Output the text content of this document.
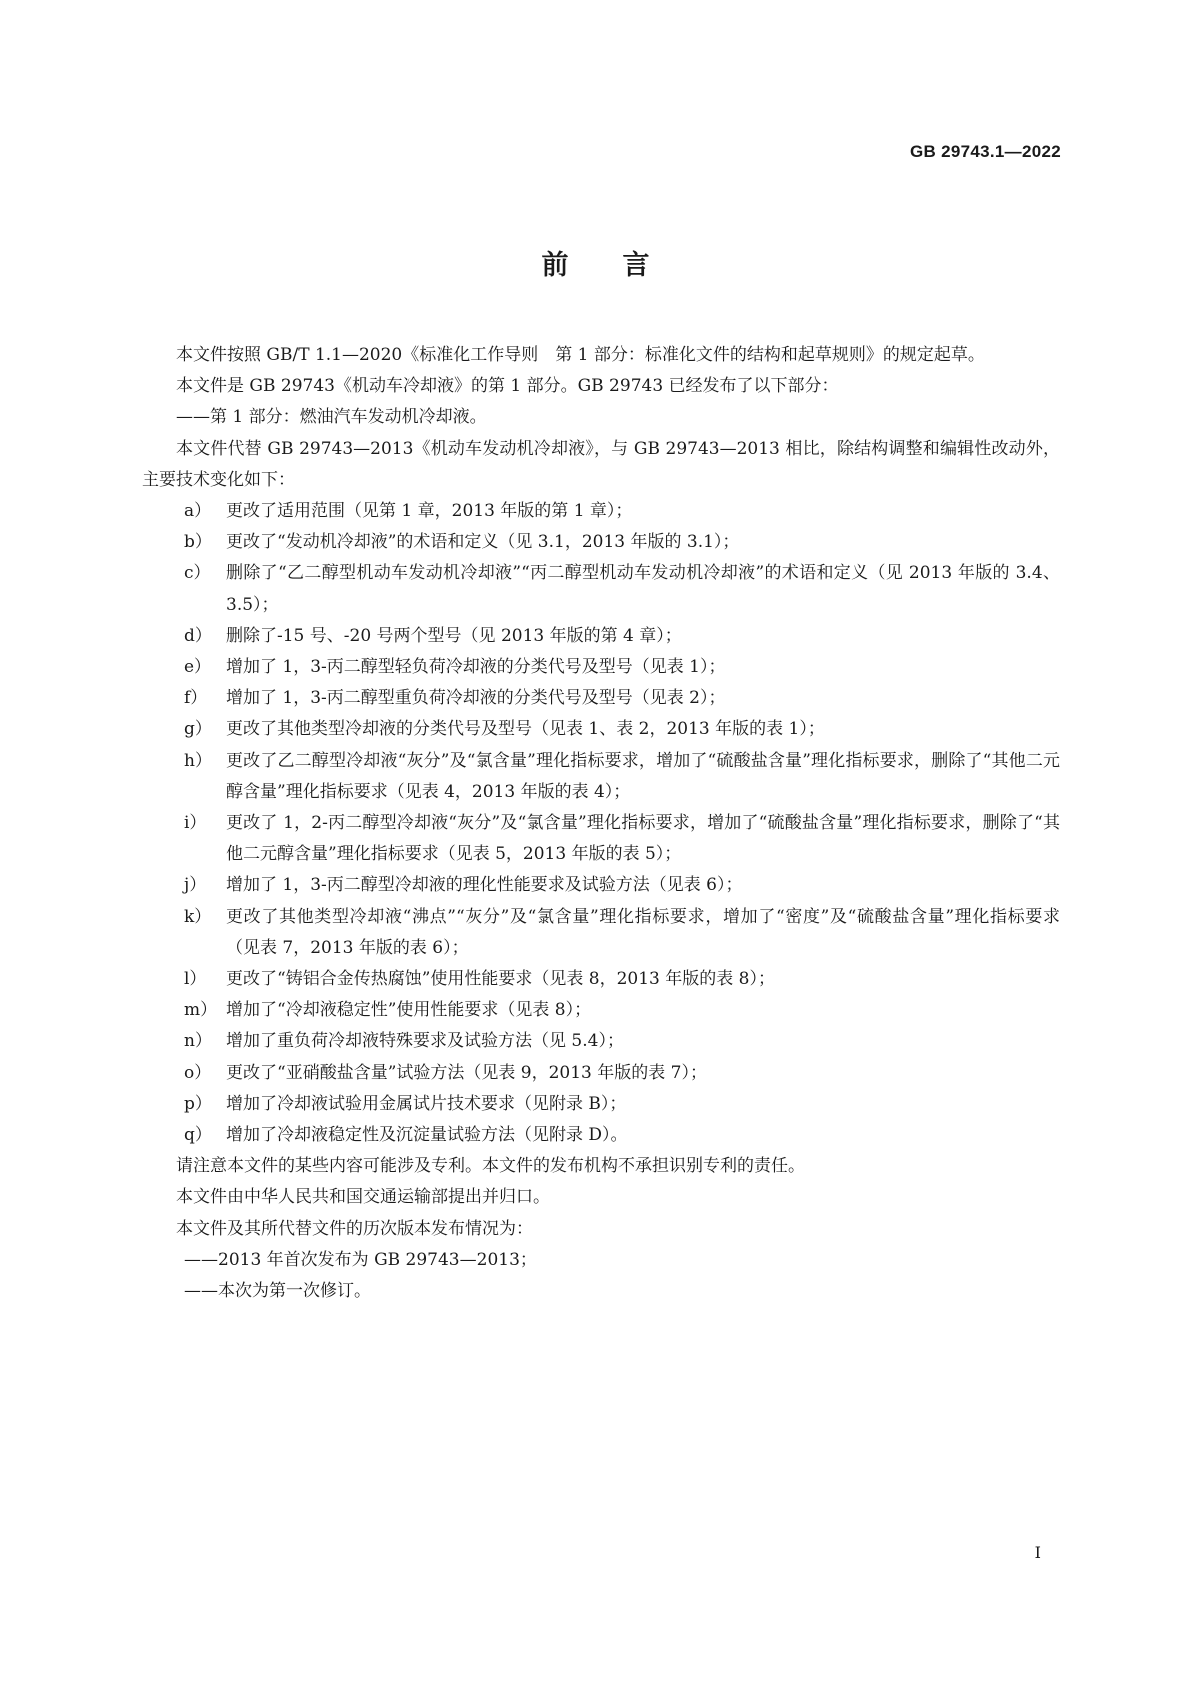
GB 29743.1—2022
前言

本文件按照 GB/T 1.1—2020《标准化工作导则　第 1 部分：标准化文件的结构和起草规则》的规定起草。

本文件是 GB 29743《机动车冷却液》的第 1 部分。GB 29743 已经发布了以下部分：

——第 1 部分：燃油汽车发动机冷却液。

本文件代替 GB 29743—2013《机动车发动机冷却液》，与 GB 29743—2013 相比，除结构调整和编辑性改动外，主要技术变化如下：

a） 更改了适用范围（见第 1 章，2013 年版的第 1 章）；
b） 更改了“发动机冷却液”的术语和定义（见 3.1，2013 年版的 3.1）；
c） 删除了“乙二醇型机动车发动机冷却液”“丙二醇型机动车发动机冷却液”的术语和定义（见 2013 年版的 3.4、3.5）；
d） 删除了-15 号、-20 号两个型号（见 2013 年版的第 4 章）；
e） 增加了 1，3-丙二醇型轻负荷冷却液的分类代号及型号（见表 1）；
f）	增加了 1，3-丙二醇型重负荷冷却液的分类代号及型号（见表 2）；
g） 更改了其他类型冷却液的分类代号及型号（见表 1、表 2，2013 年版的表 1）；
h） 更改了乙二醇型冷却液“灰分”及“氯含量”理化指标要求，增加了“硫酸盐含量”理化指标要求，删除了“其他二元醇含量”理化指标要求（见表 4，2013 年版的表 4）；
i）	更改了 1，2-丙二醇型冷却液“灰分”及“氯含量”理化指标要求，增加了“硫酸盐含量”理化指标要求，删除了“其他二元醇含量”理化指标要求（见表 5，2013 年版的表 5）；
j）	增加了 1，3-丙二醇型冷却液的理化性能要求及试验方法（见表 6）；
k） 更改了其他类型冷却液“沸点”“灰分”及“氯含量”理化指标要求，增加了“密度”及“硫酸盐含量”理化指标要求（见表 7，2013 年版的表 6）；
l）	更改了“铸铝合金传热腐蚀”使用性能要求（见表 8，2013 年版的表 8）；
m） 增加了“冷却液稳定性”使用性能要求（见表 8）；
n） 增加了重负荷冷却液特殊要求及试验方法（见 5.4）；
o） 更改了“亚硝酸盐含量”试验方法（见表 9，2013 年版的表 7）；
p） 增加了冷却液试验用金属试片技术要求（见附录 B）；
q） 增加了冷却液稳定性及沉淀量试验方法（见附录 D）。

请注意本文件的某些内容可能涉及专利。本文件的发布机构不承担识别专利的责任。

本文件由中华人民共和国交通运输部提出并归口。

本文件及其所代替文件的历次版本发布情况为：

——2013 年首次发布为 GB 29743—2013；

——本次为第一次修订。

I
